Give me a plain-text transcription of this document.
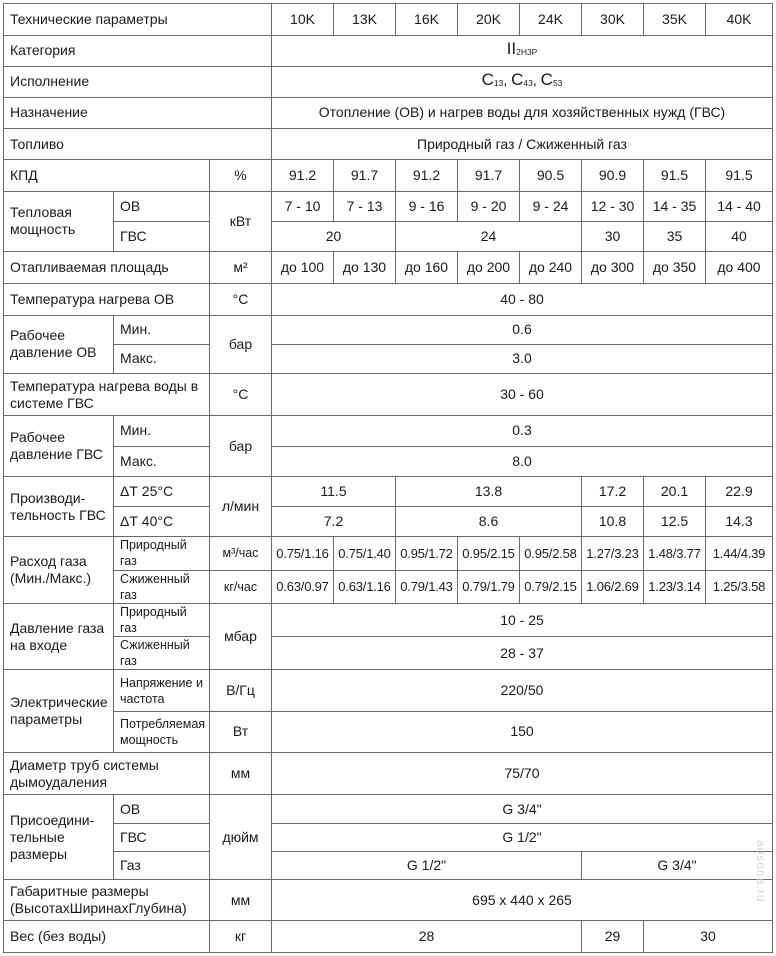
Технические параметры			10K	13K	16K	20K	24K	30K	35K	40K
Категория			II2H3P							
Исполнение			C13, C43, C53							
Назначение			Отопление (ОВ) и нагрев воды для хозяйственных нужд (ГВС)							
Топливо			Природный газ / Сжиженный газ							
КПД		%	91.2	91.7	91.2	91.7	90.5	90.9	91.5	91.5
Тепловая мощность	ОВ	кВт	7 - 10	7 - 13	9 - 16	9 - 20	9 - 24	12 - 30	14 - 35	14 - 40
	ГВС		20		24			30	35	40
Отапливаемая площадь		м²	до 100	до 130	до 160	до 200	до 240	до 300	до 350	до 400
Температура нагрева ОВ		°С	40 - 80							
Рабочее давление ОВ	Мин.	бар	0.6							
	Макс.		3.0							
Температура нагрева воды в системе ГВС		°С	30 - 60							
Рабочее давление ГВС	Мин.	бар	0.3							
	Макс.		8.0							
Производи-тельность ГВС	ΔТ 25°С	л/мин	11.5		13.8			17.2	20.1	22.9
	ΔТ 40°С		7.2		8.6			10.8	12.5	14.3
Расход газа (Мин./Макс.)	Природный газ	м³/час	0.75/1.16	0.75/1.40	0.95/1.72	0.95/2.15	0.95/2.58	1.27/3.23	1.48/3.77	1.44/4.39
	Сжиженный газ	кг/час	0.63/0.97	0.63/1.16	0.79/1.43	0.79/1.79	0.79/2.15	1.06/2.69	1.23/3.14	1.25/3.58
Давление газа на входе	Природный газ	мбар	10 - 25							
	Сжиженный газ		28 - 37							
Электрические параметры	Напряжение и частота	В/Гц	220/50							
	Потребляемая мощность	Вт	150							
Диаметр труб системы дымоудаления		мм	75/70							
Присоедини-тельные размеры	ОВ	дюйм	G 3/4"							
	ГВС		G 1/2"							
	Газ		G 1/2"					G 3/4"		
Габаритные размеры (ВысотахШиринахГлубина)		мм	695 x 440 x 265							
Вес (без воды)		кг	28					29	30	
adsona.ru
